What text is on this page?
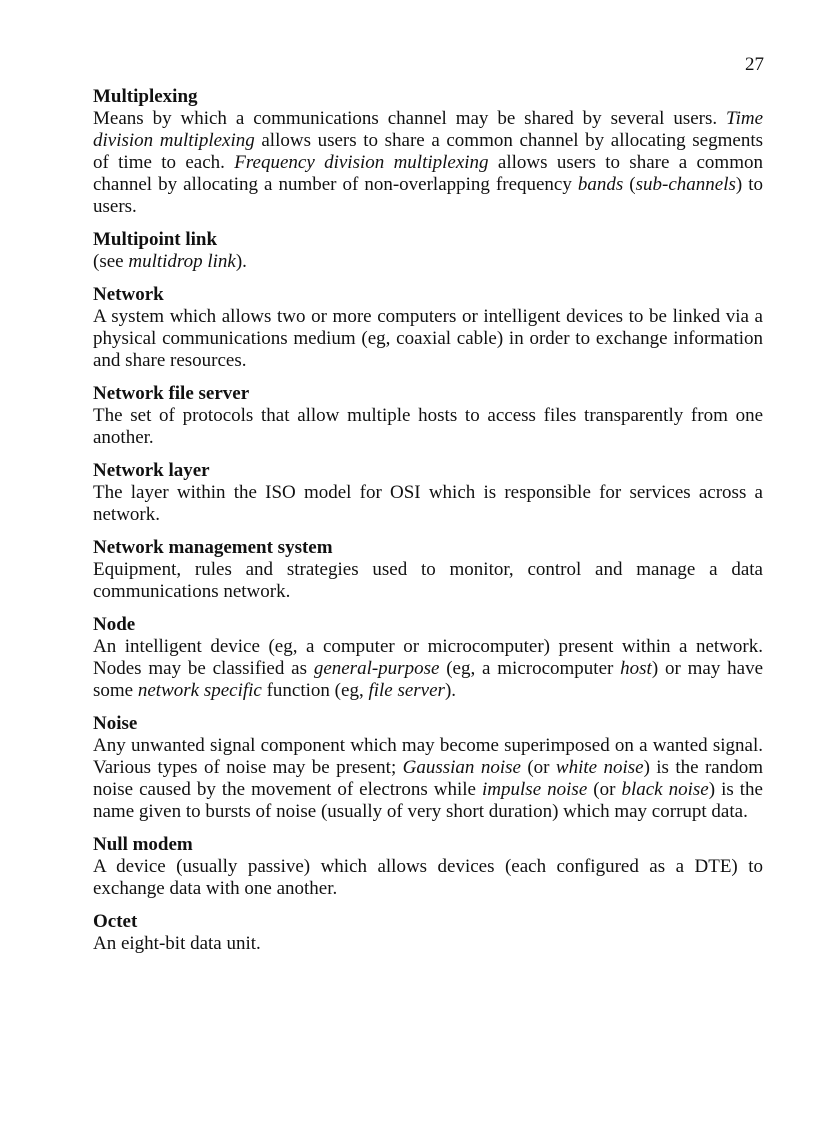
27
Multiplexing
Means by which a communications channel may be shared by several users. Time division multiplexing allows users to share a common channel by allocating segments of time to each. Frequency division multiplexing allows users to share a common channel by allocating a number of non-overlapping frequency bands (sub-channels) to users.
Multipoint link
(see multidrop link).
Network
A system which allows two or more computers or intelligent devices to be linked via a physical communications medium (eg, coaxial cable) in order to exchange information and share resources.
Network file server
The set of protocols that allow multiple hosts to access files transparently from one another.
Network layer
The layer within the ISO model for OSI which is responsible for services across a network.
Network management system
Equipment, rules and strategies used to monitor, control and manage a data communications network.
Node
An intelligent device (eg, a computer or microcomputer) present within a network. Nodes may be classified as general-purpose (eg, a microcomputer host) or may have some network specific function (eg, file server).
Noise
Any unwanted signal component which may become superimposed on a wanted signal. Various types of noise may be present; Gaussian noise (or white noise) is the random noise caused by the movement of electrons while impulse noise (or black noise) is the name given to bursts of noise (usually of very short duration) which may corrupt data.
Null modem
A device (usually passive) which allows devices (each configured as a DTE) to exchange data with one another.
Octet
An eight-bit data unit.
